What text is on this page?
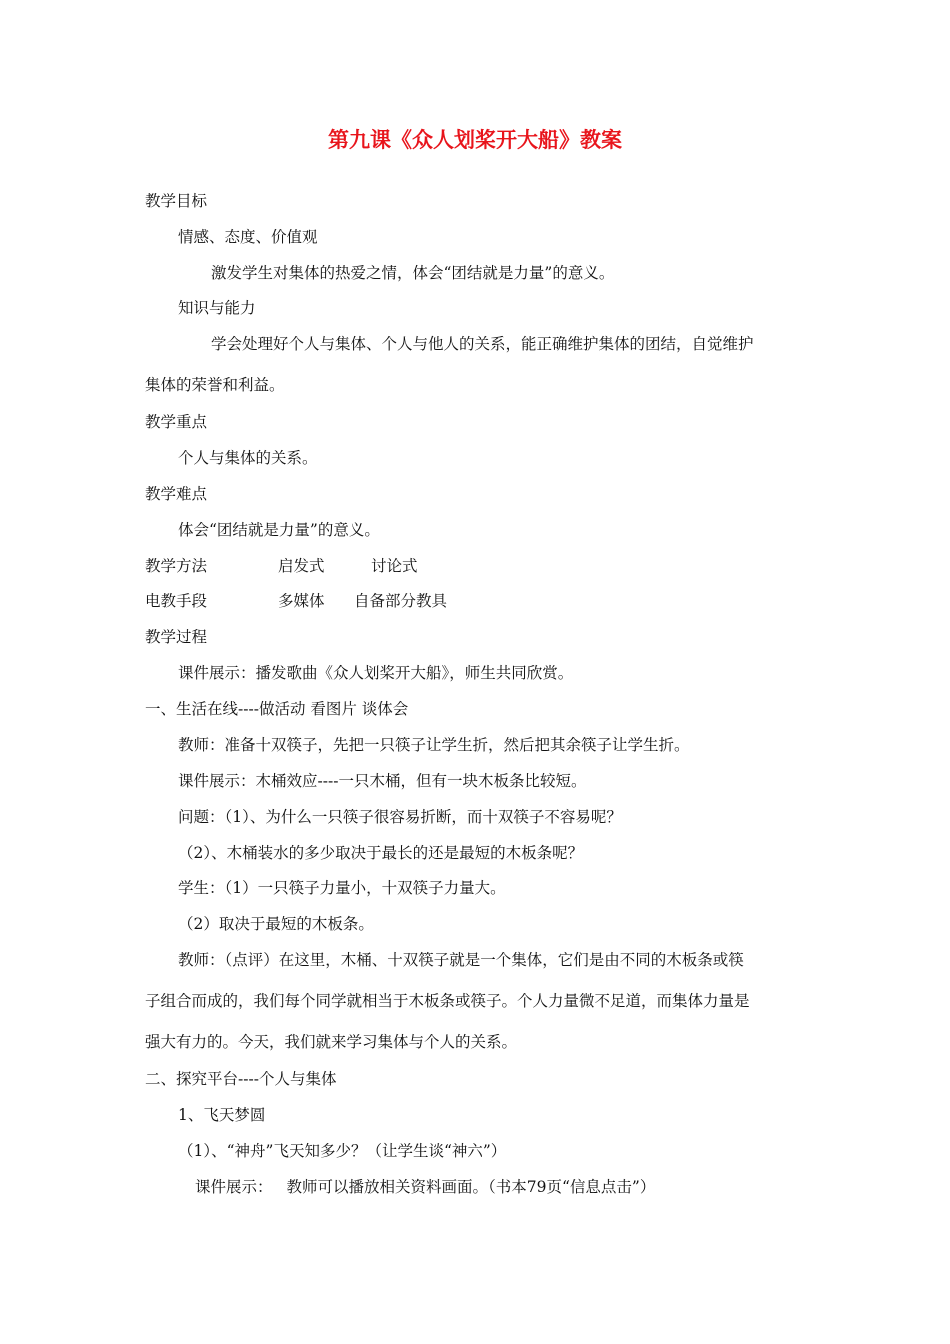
第九课《众人划桨开大船》教案

教学目标

情感、态度、价值观

激发学生对集体的热爱之情，体会“团结就是力量”的意义。

知识与能力

学会处理好个人与集体、个人与他人的关系，能正确维护集体的团结，自觉维护

集体的荣誉和利益。

教学重点

个人与集体的关系。

教学难点

体会“团结就是力量”的意义。

教学方法	启发式	讨论式

电教手段	多媒体 自备部分教具

教学过程

课件展示：播发歌曲《众人划桨开大船》，师生共同欣赏。

一、生活在线----做活动 看图片 谈体会

教师：准备十双筷子，先把一只筷子让学生折，然后把其余筷子让学生折。

课件展示：木桶效应----一只木桶，但有一块木板条比较短。

问题：（1）、为什么一只筷子很容易折断，而十双筷子不容易呢？

（2）、木桶装水的多少取决于最长的还是最短的木板条呢？

学生：（1）一只筷子力量小，十双筷子力量大。

（2）取决于最短的木板条。

教师：（点评）在这里，木桶、十双筷子就是一个集体，它们是由不同的木板条或筷

子组合而成的，我们每个同学就相当于木板条或筷子。个人力量微不足道，而集体力量是

强大有力的。今天，我们就来学习集体与个人的关系。

二、探究平台----个人与集体

1、飞天梦圆

（1）、“神舟”飞天知多少？（让学生谈“神六”）

课件展示： 教师可以播放相关资料画面。（书本79页“信息点击”）
